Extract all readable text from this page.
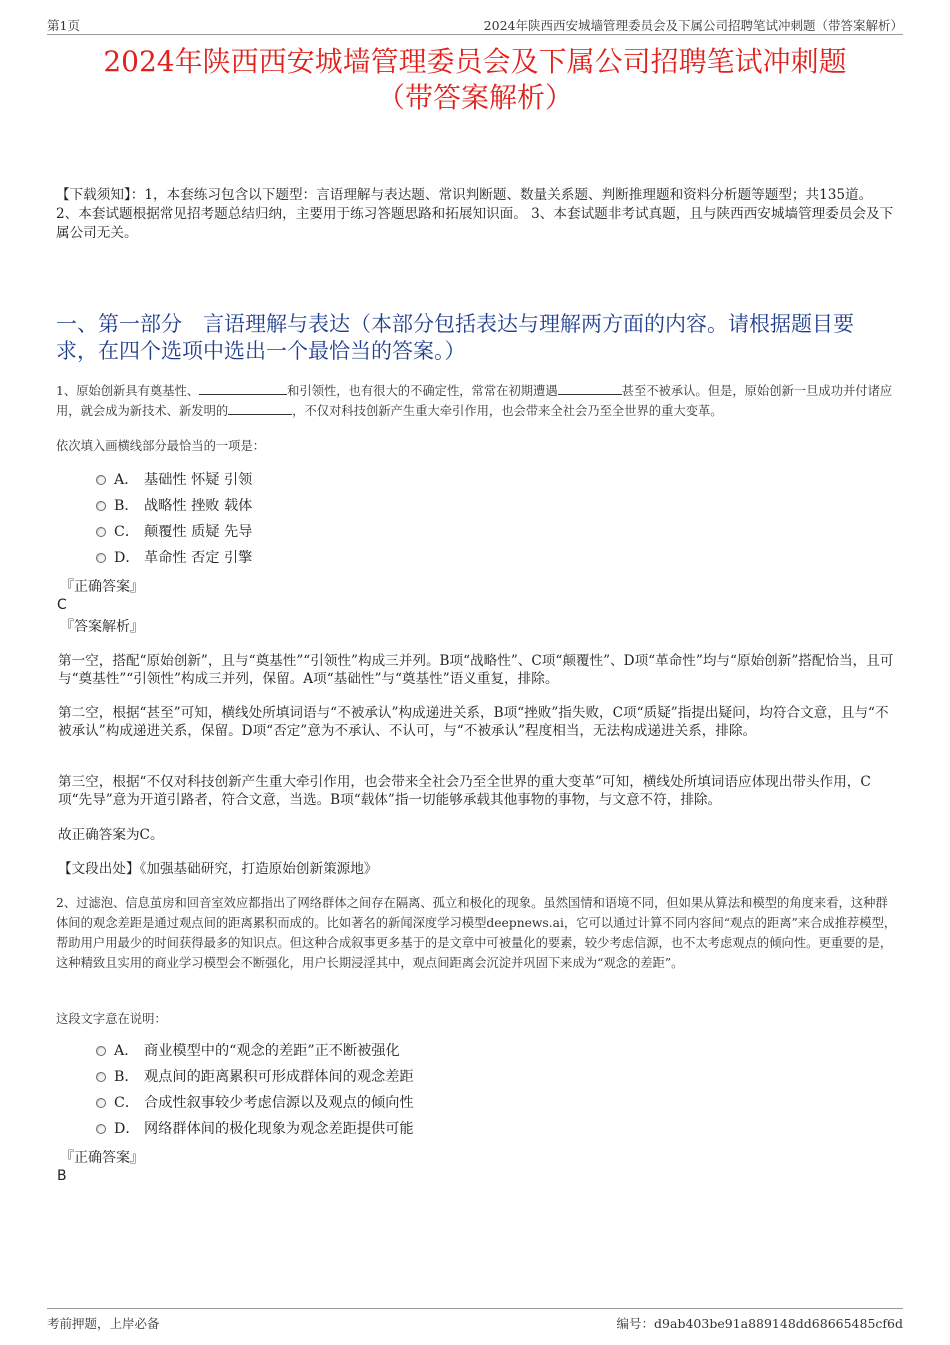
第1页	2024年陕西西安城墙管理委员会及下属公司招聘笔试冲刺题（带答案解析）
2024年陕西西安城墙管理委员会及下属公司招聘笔试冲刺题
（带答案解析）
【下载须知】：1，本套练习包含以下题型：言语理解与表达题、常识判断题、数量关系题、判断推理题和资料分析题等题型；共135道。 2、本套试题根据常见招考题总结归纳，主要用于练习答题思路和拓展知识面。 3、本套试题非考试真题，且与陕西西安城墙管理委员会及下属公司无关。
一、第一部分　言语理解与表达（本部分包括表达与理解两方面的内容。请根据题目要求，在四个选项中选出一个最恰当的答案。）
1、原始创新具有奠基性、	和引领性，也有很大的不确定性，常常在初期遭遇	甚至不被承认。但是，原始创新一旦成功并付诸应用，就会成为新技术、新发明的	，不仅对科技创新产生重大牵引作用，也会带来全社会乃至全世界的重大变革。
依次填入画横线部分最恰当的一项是：
A． 基础性 怀疑 引领
B． 战略性 挫败 载体
C． 颠覆性 质疑 先导
D． 革命性 否定 引擎
『正确答案』
C
『答案解析』
第一空，搭配“原始创新”，且与“奠基性”“引领性”构成三并列。B项“战略性”、C项“颠覆性”、D项“革命性”均与“原始创新”搭配恰当，且可与“奠基性”“引领性”构成三并列，保留。A项“基础性”与“奠基性”语义重复，排除。
第二空，根据“甚至”可知，横线处所填词语与“不被承认”构成递进关系，B项“挫败”指失败，C项“质疑”指提出疑问，均符合文意，且与“不被承认”构成递进关系，保留。D项“否定”意为不承认、不认可，与“不被承认”程度相当，无法构成递进关系，排除。
第三空，根据“不仅对科技创新产生重大牵引作用，也会带来全社会乃至全世界的重大变革”可知，横线处所填词语应体现出带头作用，C项“先导”意为开道引路者，符合文意，当选。B项“载体”指一切能够承载其他事物的事物，与文意不符，排除。
故正确答案为C。
【文段出处】《加强基础研究，打造原始创新策源地》
2、过滤泡、信息茧房和回音室效应都指出了网络群体之间存在隔离、孤立和极化的现象。虽然国情和语境不同，但如果从算法和模型的角度来看，这种群体间的观念差距是通过观点间的距离累积而成的。比如著名的新闻深度学习模型deepnews.ai，它可以通过计算不同内容间“观点的距离”来合成推荐模型，帮助用户用最少的时间获得最多的知识点。但这种合成叙事更多基于的是文章中可被量化的要素，较少考虑信源，也不太考虑观点的倾向性。更重要的是，这种精致且实用的商业学习模型会不断强化，用户长期浸淫其中，观点间距离会沉淀并巩固下来成为“观念的差距”。
这段文字意在说明：
A． 商业模型中的“观念的差距”正不断被强化
B． 观点间的距离累积可形成群体间的观念差距
C． 合成性叙事较少考虑信源以及观点的倾向性
D． 网络群体间的极化现象为观念差距提供可能
『正确答案』
B
考前押题，上岸必备	编号：d9ab403be91a889148dd68665485cf6d
